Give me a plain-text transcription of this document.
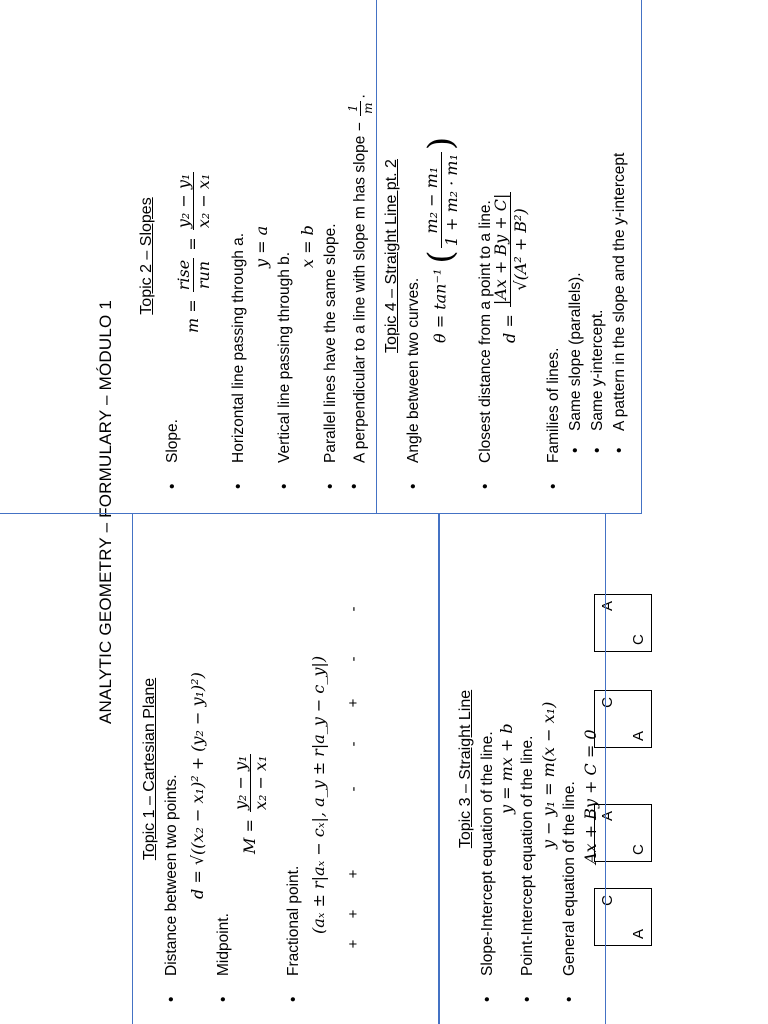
ANALYTIC GEOMETRY – FORMULARY – MÓDULO 1
Topic 1 – Cartesian Plane
• Distance between two points. d = √((x₂ − x₁)² + (y₂ − y₁)²)
• Midpoint.
M =
y₂ − y₁ x₂ − x₁
• Fractional point. (aₓ ± r|aₓ − cₓ|, a_y ± r|a_y − c_y|)
+
+
+
-
-
+
-
-
A
C
C
A
A
C
C
A
Topic 3 – Straight Line • Slope-Intercept equation of the line. y = mx + b • Point-Intercept equation of the line. y − y₁ = m(x − x₁)
• General equation of the line. Ax + By + C = 0
Topic 2 – Slopes
• Slope.
m =
rise run
=
y₂ − y₁ x₂ − x₁
• Horizontal line passing through a. y = a
• Vertical line passing through b.
x = b • Parallel lines have the same slope. • A perpendicular to a line with slope m has slope −
1 m
.
Topic 4 – Straight Line pt. 2
• Angle between two curves. θ = tan⁻¹ (
m₂ − m₁ 1 + m₂ · m₁
)
• Closest distance from a point to a line. d =
|Ax + By + C| √(A² + B²)
• Families of lines. • Same slope (parallels). • Same y-intercept. • A pattern in the slope and the y-intercept
